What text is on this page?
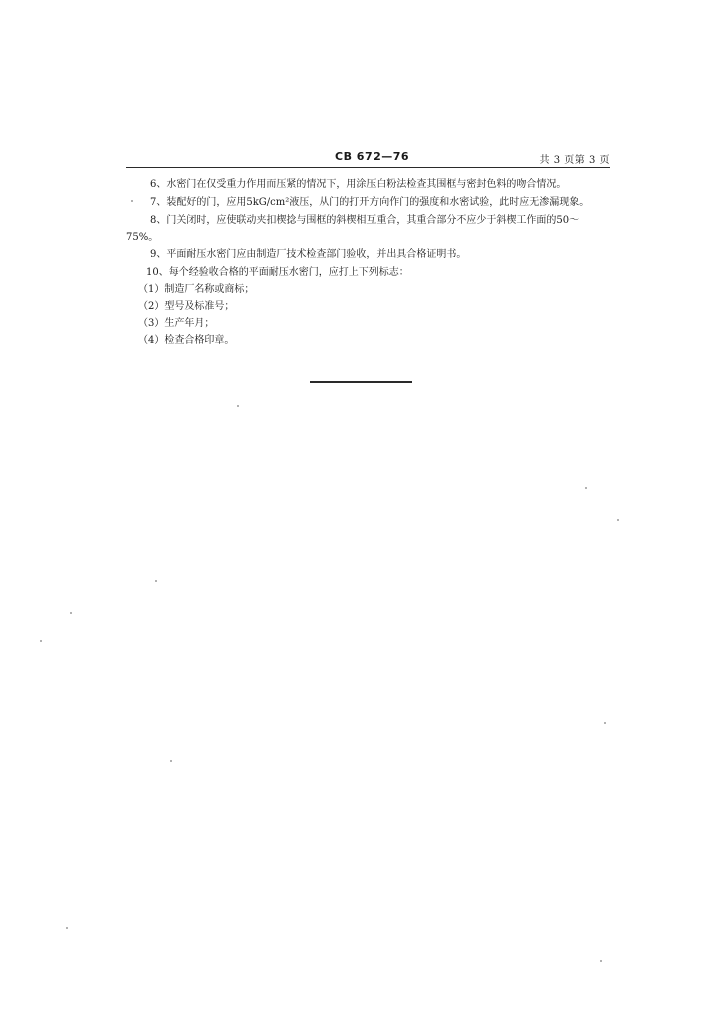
CB 672—76	共 3 页第 3 页
6、水密门在仅受重力作用而压紧的情况下，用涂压白粉法检查其围框与密封色料的吻合情况。
7、装配好的门，应用5kG/cm²液压，从门的打开方向作门的强度和水密试验，此时应无渗漏现象。
8、门关闭时，应使联动夹扣楔捻与围框的斜楔相互重合，其重合部分不应少于斜楔工作面的50～
75%。
9、平面耐压水密门应由制造厂技术检查部门验收，并出具合格证明书。
10、每个经验收合格的平面耐压水密门，应打上下列标志：
（1）制造厂名称或商标；
（2）型号及标准号；
（3）生产年月；
（4）检查合格印章。
